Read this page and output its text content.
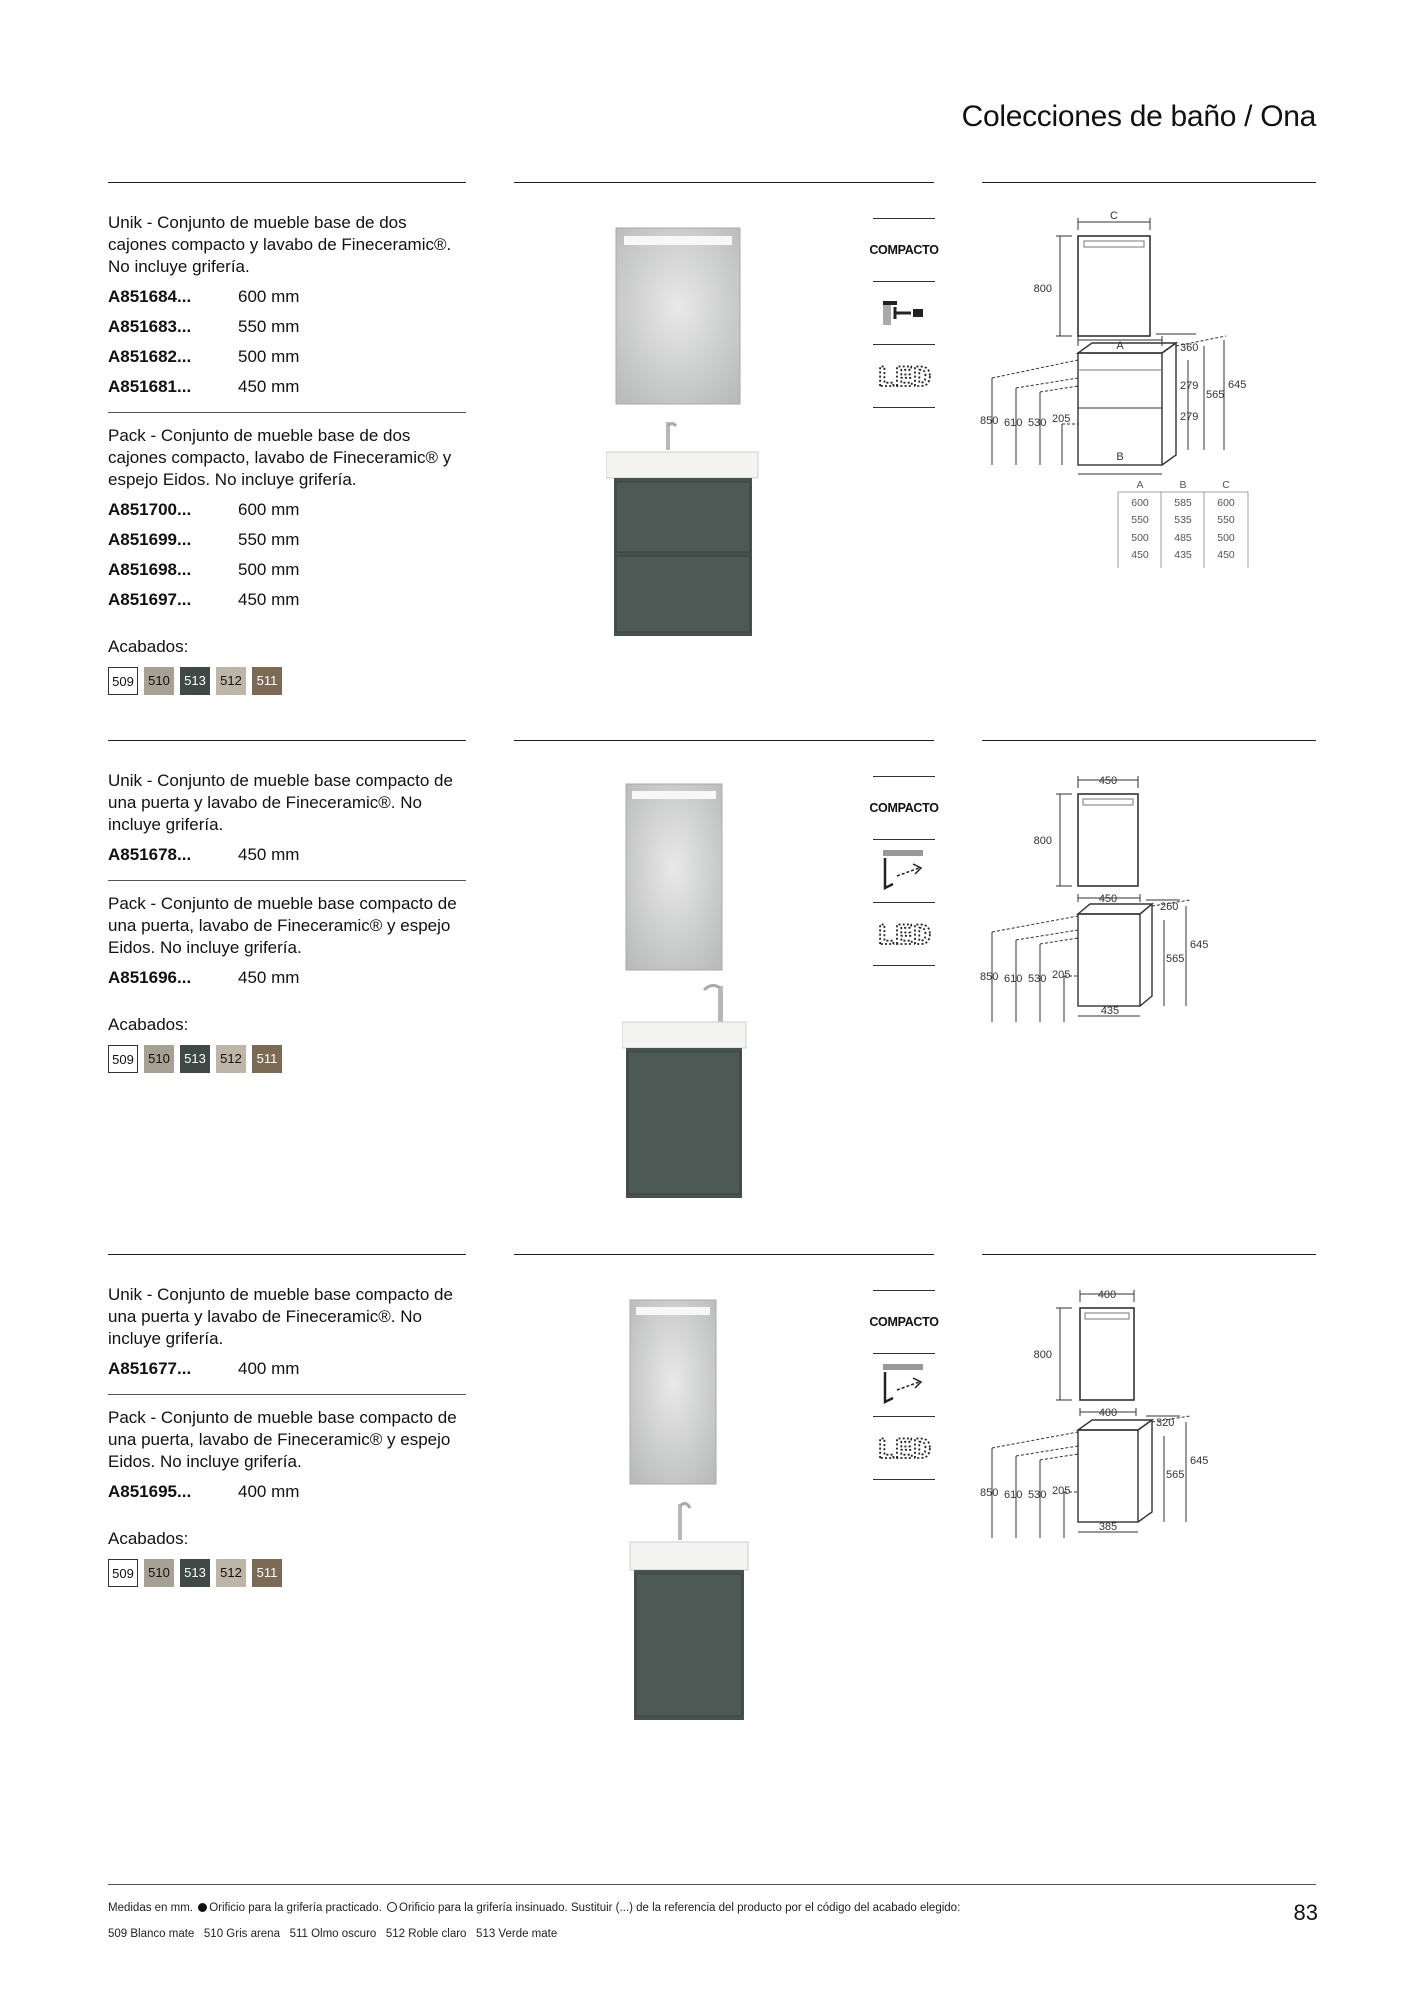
Colecciones de baño / Ona

Unik - Conjunto de mueble base de dos cajones compacto y lavabo de Fineceramic®. No incluye grifería.

A851684...	600 mm
A851683...	550 mm
A851682...	500 mm
A851681...	450 mm

Pack - Conjunto de mueble base de dos cajones compacto, lavabo de Fineceramic® y espejo Eidos. No incluye grifería.

A851700...	600 mm
A851699...	550 mm
A851698...	500 mm
A851697...	450 mm
Acabados:
509	510	513	512	511
COMPACTO
LED
C
800
A	360
279
565
645
279
850 610 530 205
B
A	B	C
600 585 600
550 535 550
500 485 500
450 435 450

Unik - Conjunto de mueble base compacto de una puerta y lavabo de Fineceramic®. No incluye grifería.

A851678...	450 mm

Pack - Conjunto de mueble base compacto de una puerta, lavabo de Fineceramic® y espejo Eidos. No incluye grifería.

A851696...	450 mm
Acabados:
509	510	513	512	511
COMPACTO
LED
450
800
450
260
565
645
850 610 530 205
435

Unik - Conjunto de mueble base compacto de una puerta y lavabo de Fineceramic®. No incluye grifería.

A851677...	400 mm

Pack - Conjunto de mueble base compacto de una puerta, lavabo de Fineceramic® y espejo Eidos. No incluye grifería.

A851695...	400 mm
Acabados:
509	510	513	512	511
COMPACTO
LED
400
800
400
320
565
645
850 610 530 205
385
Medidas en mm. Orificio para la grifería practicado. Orificio para la grifería insinuado. Sustituir (...) de la referencia del producto por el código del acabado elegido:
509 Blanco mate 510 Gris arena 511 Olmo oscuro 512 Roble claro 513 Verde mate
83
